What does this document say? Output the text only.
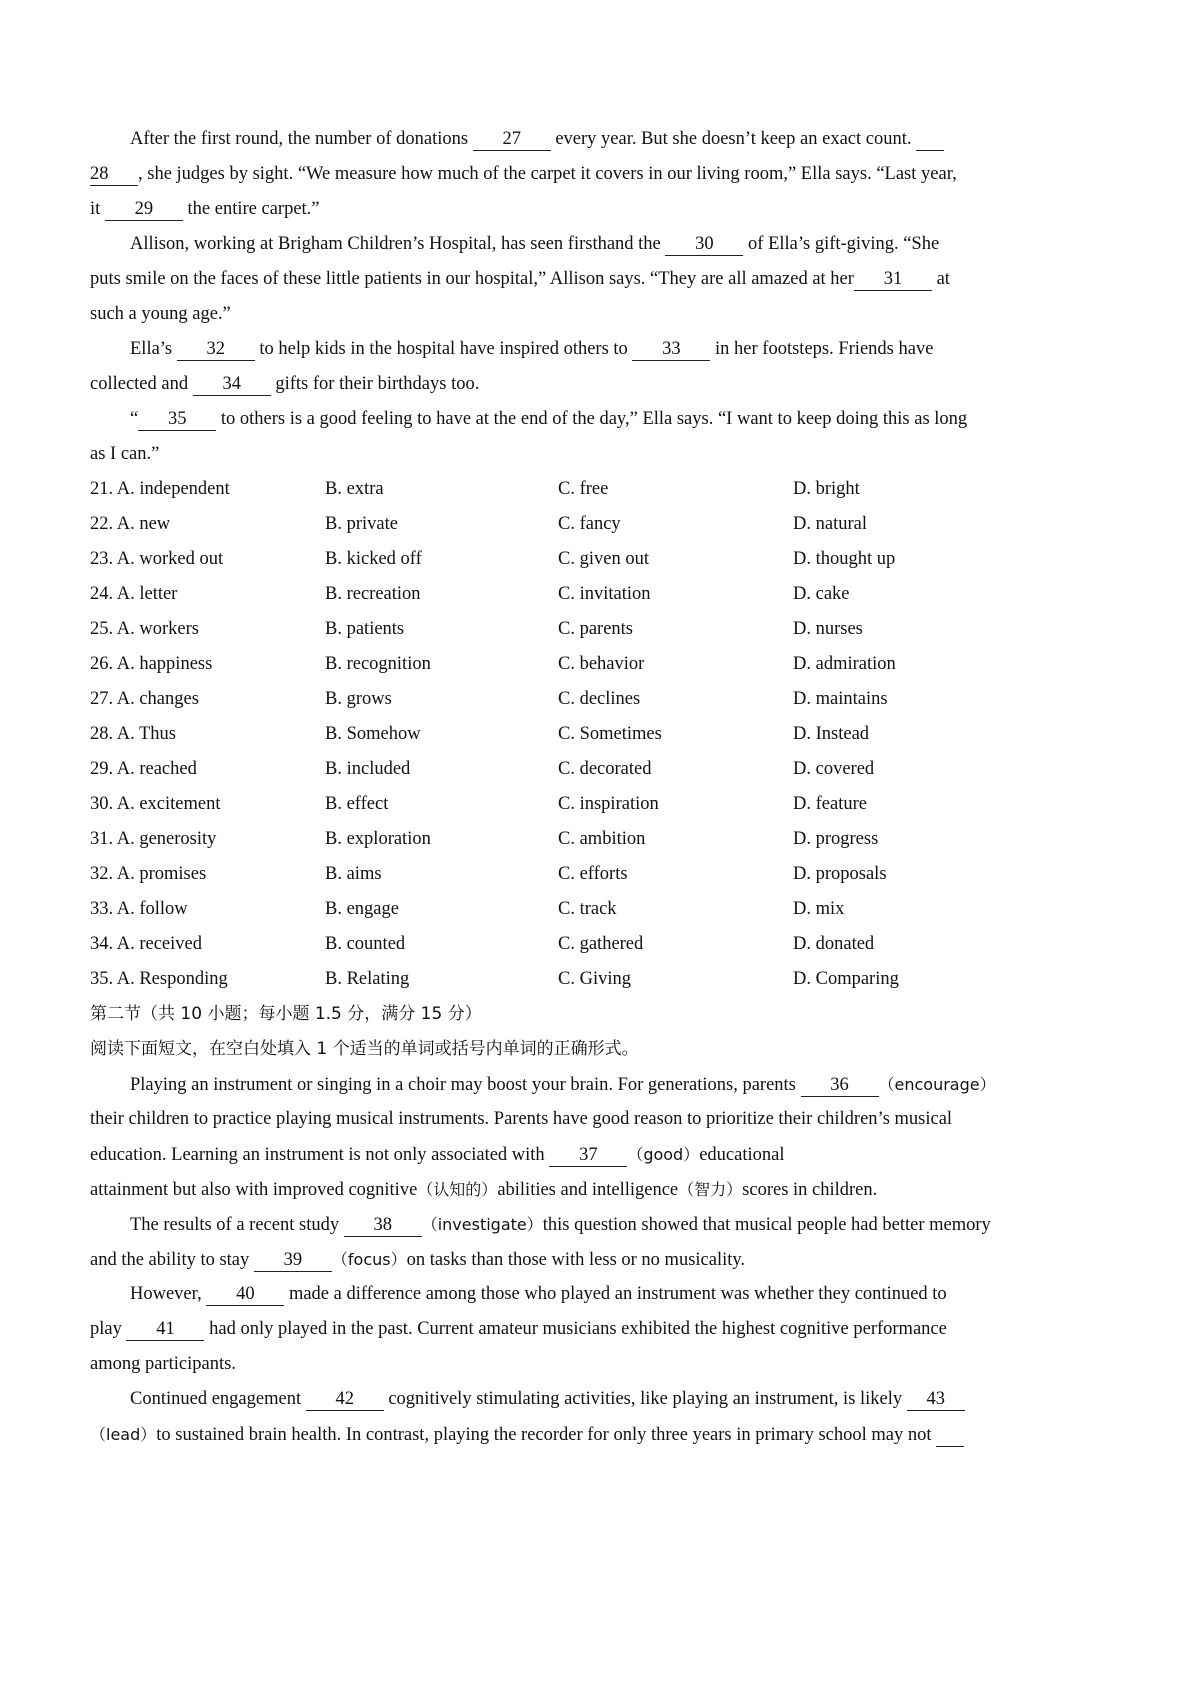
After the first round, the number of donations 27 every year. But she doesn’t keep an exact count.
28 , she judges by sight. “We measure how much of the carpet it covers in our living room,” Ella says. “Last year,
it 29 the entire carpet.”
Allison, working at Brigham Children’s Hospital, has seen firsthand the 30 of Ella’s gift-giving. “She
puts smile on the faces of these little patients in our hospital,” Allison says. “They are all amazed at her 31 at
such a young age.”
Ella’s 32 to help kids in the hospital have inspired others to 33 in her footsteps. Friends have
collected and 34 gifts for their birthdays too.
“ 35 to others is a good feeling to have at the end of the day,” Ella says. “I want to keep doing this as long
as I can.”
21. A. independent	B. extra	C. free	D. bright
22. A. new	B. private	C. fancy	D. natural
23. A. worked out	B. kicked off	C. given out	D. thought up
24. A. letter	B. recreation	C. invitation	D. cake
25. A. workers	B. patients	C. parents	D. nurses
26. A. happiness	B. recognition	C. behavior	D. admiration
27. A. changes	B. grows	C. declines	D. maintains
28. A. Thus	B. Somehow	C. Sometimes	D. Instead
29. A. reached	B. included	C. decorated	D. covered
30. A. excitement	B. effect	C. inspiration	D. feature
31. A. generosity	B. exploration	C. ambition	D. progress
32. A. promises	B. aims	C. efforts	D. proposals
33. A. follow	B. engage	C. track	D. mix
34. A. received	B. counted	C. gathered	D. donated
35. A. Responding	B. Relating	C. Giving	D. Comparing
第二节（共 10 小题；每小题 1.5 分，满分 15 分）
阅读下面短文，在空白处填入 1 个适当的单词或括号内单词的正确形式。
Playing an instrument or singing in a choir may boost your brain. For generations, parents 36 （encourage）
their children to practice playing musical instruments. Parents have good reason to prioritize their children’s musical
education. Learning an instrument is not only associated with 37 （good）educational
attainment but also with improved cognitive（认知的）abilities and intelligence（智力）scores in children.
The results of a recent study 38 （investigate）this question showed that musical people had better memory
and the ability to stay 39 （focus）on tasks than those with less or no musicality.
However, 40 made a difference among those who played an instrument was whether they continued to
play 41 had only played in the past. Current amateur musicians exhibited the highest cognitive performance
among participants.
Continued engagement 42 cognitively stimulating activities, like playing an instrument, is likely 43
（lead）to sustained brain health. In contrast, playing the recorder for only three years in primary school may not
